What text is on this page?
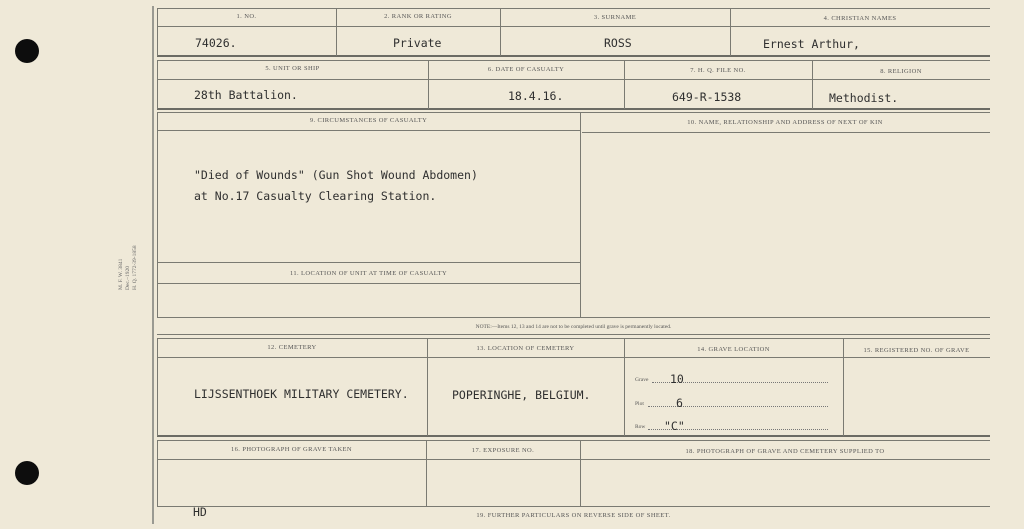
M. F. W. 3841 Dec.–1920 H. Q. 1772-39-1858
1. NO.	2. RANK OR RATING	3. SURNAME	4. CHRISTIAN NAMES
74026.	Private	ROSS	Ernest Arthur,
5. UNIT OR SHIP	6. DATE OF CASUALTY	7. H. Q. FILE NO.	8. RELIGION
28th Battalion.	18.4.16.	649-R-1538	Methodist.
9. CIRCUMSTANCES OF CASUALTY	10. NAME, RELATIONSHIP AND ADDRESS OF NEXT OF KIN
"Died of Wounds" (Gun Shot Wound Abdomen)
at No.17 Casualty Clearing Station.
11. LOCATION OF UNIT AT TIME OF CASUALTY
NOTE:—Items 12, 13 and 14 are not to be completed until grave is permanently located.
12. CEMETERY	13. LOCATION OF CEMETERY	14. GRAVE LOCATION	15. REGISTERED NO. OF GRAVE
LIJSSENTHOEK MILITARY CEMETERY.	POPERINGHE, BELGIUM.
Grave 10
Plot	6
Row "C"
16. PHOTOGRAPH OF GRAVE TAKEN	17. EXPOSURE NO.	18. PHOTOGRAPH OF GRAVE AND CEMETERY SUPPLIED TO
HD	19. FURTHER PARTICULARS ON REVERSE SIDE OF SHEET.
